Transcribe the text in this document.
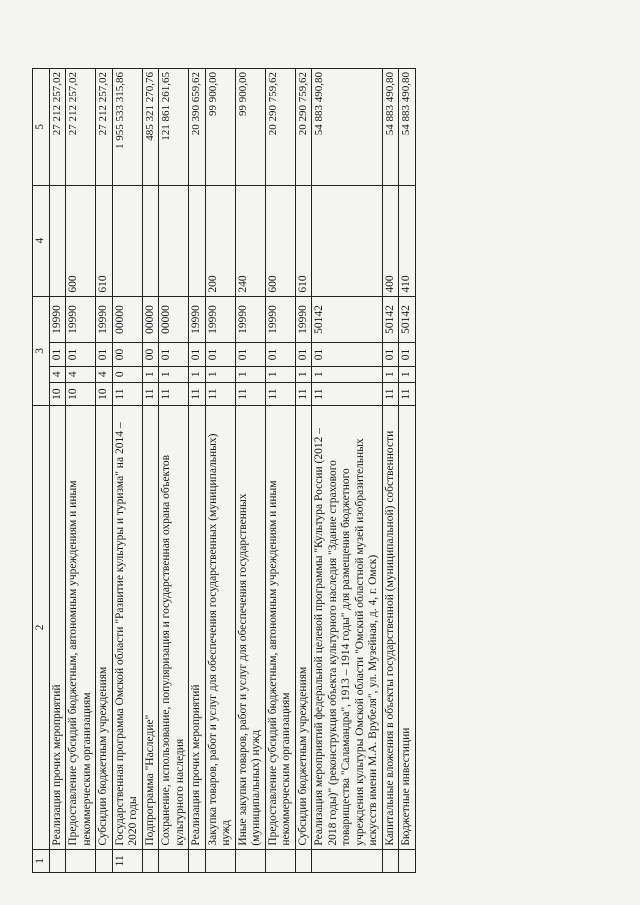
1	2	3				4	5
	Реализация прочих мероприятий	10	4	01	19990		27 212 257,02
	Предоставление субсидий бюджетным, автономным учреждениям и иным некоммерческим организациям	10	4	01	19990	600	27 212 257,02
	Субсидии бюджетным учреждениям	10	4	01	19990	610	27 212 257,02
11	Государственная программа Омской области "Развитие культуры и туризма" на 2014 – 2020 годы	11	0	00	00000		1 955 533 315,86
	Подпрограмма "Наследие"	11	1	00	00000		485 321 270,76
	Сохранение, использование, популяризация и государственная охрана объектов культурного наследия	11	1	01	00000		121 861 261,65
	Реализация прочих мероприятий	11	1	01	19990		20 390 659,62
	Закупка товаров, работ и услуг для обеспечения государственных (муниципальных) нужд	11	1	01	19990	200	99 900,00
	Иные закупки товаров, работ и услуг для обеспечения государственных (муниципальных) нужд	11	1	01	19990	240	99 900,00
	Предоставление субсидий бюджетным, автономным учреждениям и иным некоммерческим организациям	11	1	01	19990	600	20 290 759,62
	Субсидии бюджетным учреждениям	11	1	01	19990	610	20 290 759,62
	Реализация мероприятий федеральной целевой программы "Культура России (2012 – 2018 годы)" (реконструкция объекта культурного наследия "Здание страхового товарищества "Саламандра", 1913 – 1914 годы" для размещения бюджетного учреждения культуры Омской области "Омский областной музей изобразительных искусств имени М.А. Врубеля", ул. Музейная, д. 4, г. Омск)	11	1	01	50142		54 883 490,80
	Капитальные вложения в объекты государственной (муниципальной) собственности	11	1	01	50142	400	54 883 490,80
	Бюджетные инвестиции	11	1	01	50142	410	54 883 490,80
